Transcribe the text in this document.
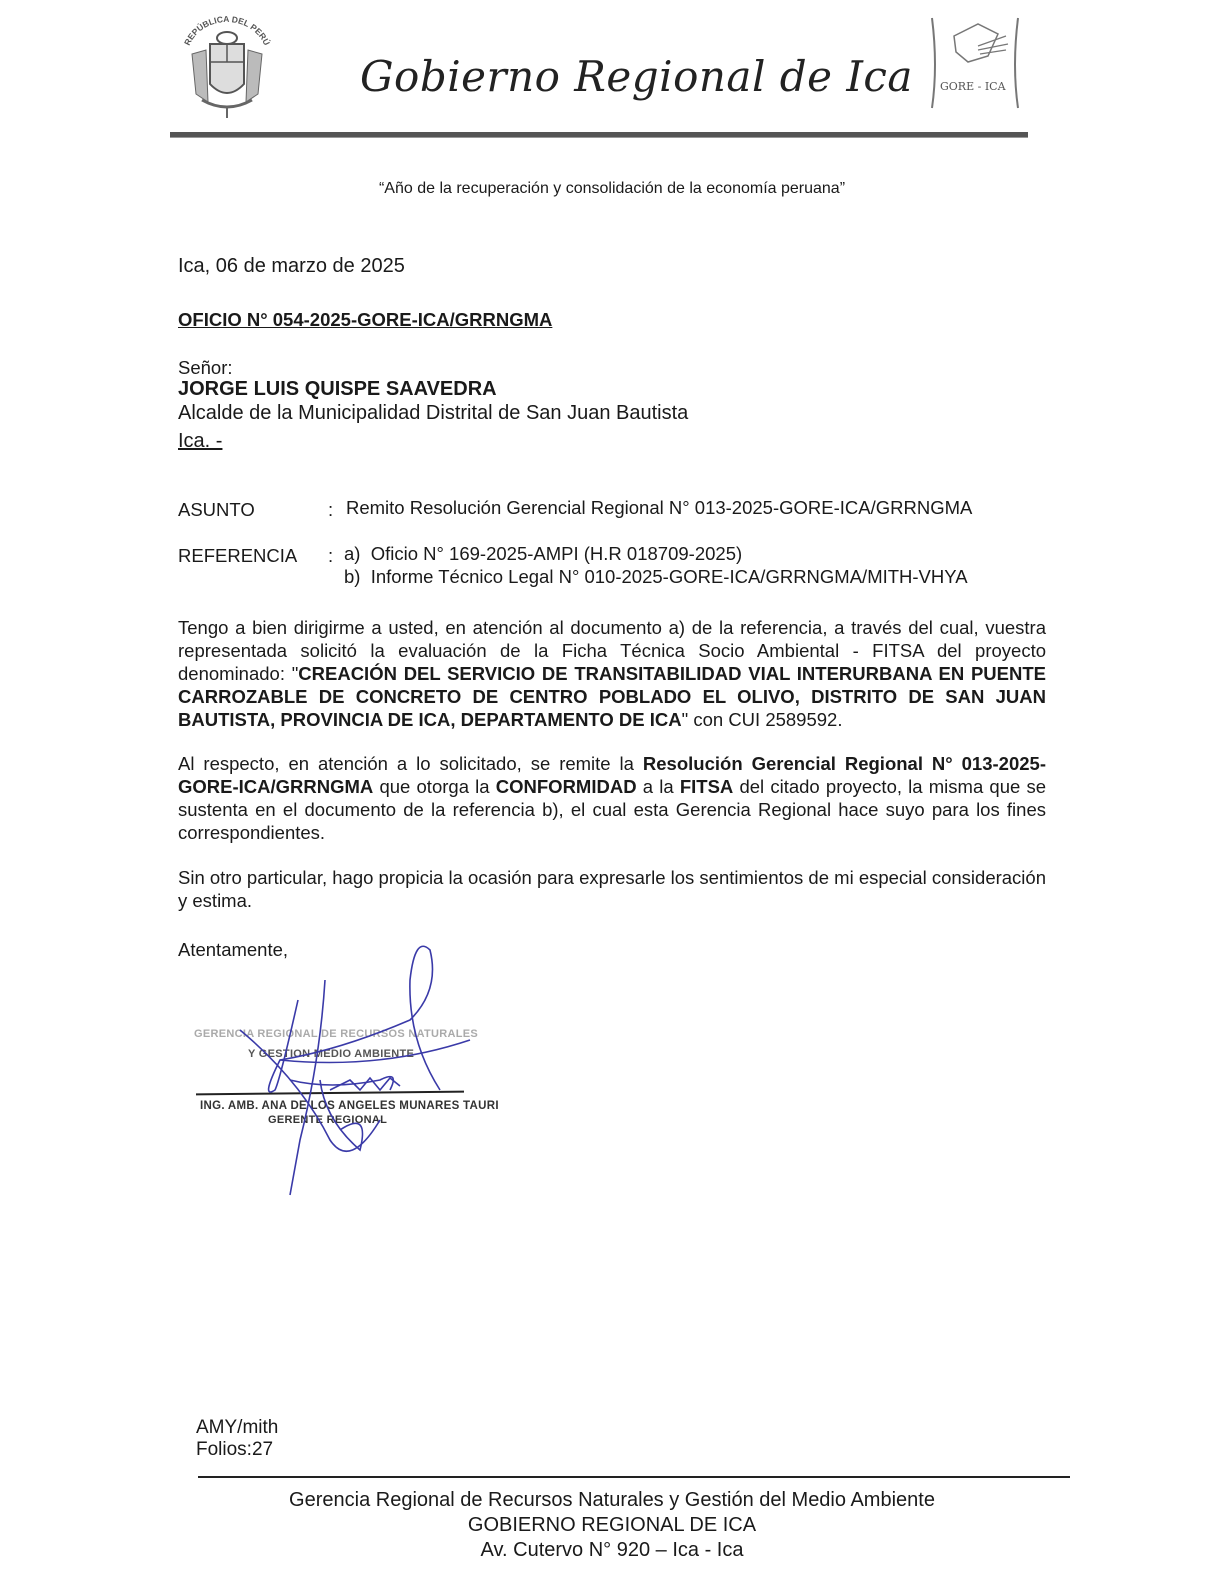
REPÚBLICA DEL PERÚ
Gobierno Regional de Ica GORE - ICA
“Año de la recuperación y consolidación de la economía peruana”
Ica, 06 de marzo de 2025
OFICIO N° 054-2025-GORE-ICA/GRRNGMA
Señor:
JORGE LUIS QUISPE SAAVEDRA
Alcalde de la Municipalidad Distrital de San Juan Bautista
Ica. -
ASUNTO	: Remito Resolución Gerencial Regional N° 013-2025-GORE-ICA/GRRNGMA
REFERENCIA : a) Oficio N° 169-2025-AMPI (H.R 018709-2025)
b) Informe Técnico Legal N° 010-2025-GORE-ICA/GRRNGMA/MITH-VHYA
Tengo a bien dirigirme a usted, en atención al documento a) de la referencia, a través del cual, vuestra representada solicitó la evaluación de la Ficha Técnica Socio Ambiental - FITSA del proyecto denominado: "CREACIÓN DEL SERVICIO DE TRANSITABILIDAD VIAL INTERURBANA EN PUENTE CARROZABLE DE CONCRETO DE CENTRO POBLADO EL OLIVO, DISTRITO DE SAN JUAN BAUTISTA, PROVINCIA DE ICA, DEPARTAMENTO DE ICA" con CUI 2589592.
Al respecto, en atención a lo solicitado, se remite la Resolución Gerencial Regional N° 013-2025-GORE-ICA/GRRNGMA que otorga la CONFORMIDAD a la FITSA del citado proyecto, la misma que se sustenta en el documento de la referencia b), el cual esta Gerencia Regional hace suyo para los fines correspondientes.
Sin otro particular, hago propicia la ocasión para expresarle los sentimientos de mi especial consideración y estima.
Atentamente,
GERENCIA REGIONAL DE RECURSOS NATURALES
Y GESTION MEDIO AMBIENTE
ING. AMB. ANA DE LOS ANGELES MUNARES TAURI
GERENTE REGIONAL
AMY/mith
Folios:27
Gerencia Regional de Recursos Naturales y Gestión del Medio Ambiente
GOBIERNO REGIONAL DE ICA
Av. Cutervo N° 920 – Ica - Ica
